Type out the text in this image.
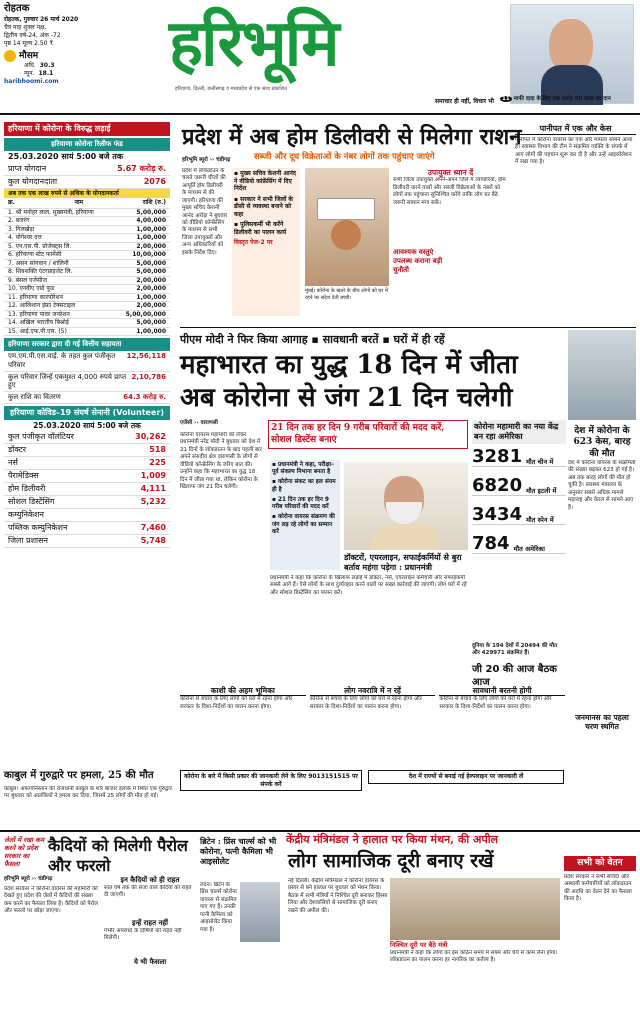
रोहतक
रोहतक, गुरुवार 26 मार्च 2020
चैत्र माह शुक्ल पक्ष,
द्वितीय वर्ष-24, अंक -72
पृष्ठ 14 मूल्य 2.50 ₹
मौसम
अधि. 30.3
न्यून. 18.1
haribhoomi.com
हरिभूमि
हरियाणा, दिल्ली, छत्तीसगढ़ व मध्यप्रदेश से एक साथ प्रकाशित
समाचार ही नहीं, विचार भी	11 माफी दादा के लिए एक करोड़ 50 लाख का दान
हरियाणा में कोरोना के विरुद्ध लड़ाई
हरियाणा कोरोना रिलीफ फंड
25.03.2020 सायं 5:00 बजे तक
प्राप्त योगदान	5.67 करोड़ रु.
कुल योगदानदाता	2076
अब तक एक लाख रुपये से अधिक के योगदानकर्ता
क्र.	नाम	राशि (रु.)
1. श्री मनोहर लाल, मुख्यमंत्री, हरियाणा	5,00,000
2. बजरंग	4,00,000
3. गिलखेड़ा	1,00,000
4. योगेश्वर दत्त	1,00,000
5. एन.एस.पी. प्रोजेक्ट्स लि.	2,00,000
6. हरियाणा स्टेट फार्मेसी	10,00,000
7. असन सांगवान / शालिनी	5,00,000
8. शिवशक्ति एंटरप्राइजेट लि.	5,00,000
9. बंसल एजेंसीज	2,00,000
10. एनवीए एग्रो फूड	2,00,000
11. हरियाणा कारपोरेशन	1,00,000
12. आलिशान इंफ्रा टेक्सटाइल	2,00,000
13. हरियाणा पावर जनरेशन	5,00,00,000
14. अखिल भारतीय बिश्नोई	5,00,000
15. आई.एफ.पी.एस. (5)	1,00,000
हरियाणा सरकार द्वारा दी गई वित्तीय सहायता
एम.एम.पी.एस.वाई. के तहत कुल पंजीकृत परिवार
12,56,118
कुल परिवार जिन्हें एकमुश्त 4,000 रुपये प्राप्त हुए
2,10,786
कुल राशि का वितरण	64.3 करोड़ रु.
हरियाणा कोविड–19 संघर्ष सेनानी (Volunteer)
25.03.2020 सायं 5:00 बजे तक
कुल पंजीकृत वॉलंटियर	30,262
डॉक्टर	518
नर्स	225
पैरामेडिक्स	1,009
होम डिलीवरी	4,111
सोशल डिस्टेंसिंग	5,232
कम्युनिकेशन
पब्लिक कम्युनिकेशन	7,460
जिला प्रशासन	5,748
प्रदेश में अब होम डिलीवरी से मिलेगा राशन
हरिभूमि ब्यूरो ›› चंडीगढ़	सब्जी और दूध विक्रेताओं के नंबर लोगों तक पहुंचाए जाएंगे
प्रदेश में लॉकडाउन के चलते जरूरी चीजों की आपूर्ति होम डिलीवरी के माध्यम से की जाएगी। हरियाणा की मुख्य सचिव केशनी आनंद अरोड़ा ने बुधवार को वीडियो कॉन्फ्रेंसिंग के माध्यम से सभी जिला उपायुक्तों और अन्य अधिकारियों को इसके निर्देश दिए।
▪ मुख्य सचिव केशनी आनंद ने वीडियो कांफ्रेंसिंग में दिए निर्देश
▪ सरकार ने सभी जिलों के डीसी से व्यवस्था बनाने को कहा
▪ पुलिसकर्मी भी करेंगे डिलीवरी का पालन कार्य
विस्तृत पेज-2 पर
मुंबई। कोरोना के खतरे के बीच लोगों को घर में रहने का संदेश देती बच्ची।
उपायुक्त ध्यान दें
सभी जिला उपायुक्त अपने-अपने जिले में व्यापारियों, होम डिलीवरी करने वालों और सब्जी विक्रेताओं के नंबरों को लोगों तक पहुंचाना सुनिश्चित करेंगे ताकि लोग घर बैठे जरूरी सामान मंगा सकें।
आवश्यक वस्तुएं उपलब्ध कराना बड़ी चुनौती
पानीपत में एक और केस
पानीपत में कोरोना वायरस का एक और मामला सामने आया है। स्वास्थ्य विभाग की टीम ने संक्रमित व्यक्ति के संपर्क में आए लोगों की पहचान शुरू कर दी है और उन्हें आइसोलेशन में रखा गया है।
पीएम मोदी ने फिर किया आगाह ▪ सावधानी बरतें ▪ घरों में ही रहें
महाभारत का युद्ध 18 दिन में जीता
अब कोरोना से जंग 21 दिन चलेगी
एजेंसी ›› वाराणसी	21 दिन तक हर दिन 9 गरीब परिवारों की मदद करें, सोशल डिस्टेंस बनाएं
कोरोना वायरस महामारी को लेकर प्रधानमंत्री नरेंद्र मोदी ने बुधवार को देश में 21 दिनों के लॉकडाउन के बाद पहली बार अपने संसदीय क्षेत्र वाराणसी के लोगों से वीडियो कॉन्फ्रेंसिंग के जरिए बात की। उन्होंने कहा कि महाभारत का युद्ध 18 दिन में जीता गया था, लेकिन कोरोना के खिलाफ जंग 21 दिन चलेगी।
▪ प्रधानमंत्री ने कहा, परीक्षा–पूर्व संकल्प निभाना बनता है
▪ कोरोना संकट का हल संयम ही है
▪ 21 दिन तक हर दिन 9 गरीब परिवारों की मदद करें
▪ कोरोना वायरस संक्रमण की जंग लड़ रहे लोगों का सम्मान करें
डॉक्टरों, एयरलाइन, सफाईकर्मियों से बुरा बर्ताव महंगा पड़ेगा : प्रधानमंत्री
प्रधानमंत्री ने कहा कि कोरोना के खिलाफ लड़ाई में डॉक्टर, नर्स, एयरलाइन कर्मचारी और सफाईकर्मी सबसे आगे हैं। ऐसे लोगों के साथ दुर्व्यवहार करने वालों पर सख्त कार्रवाई की जाएगी। लोग घरों में रहें और सोशल डिस्टेंसिंग का पालन करें।
कोरोना महामारी का नया केंद्र बन रहा अमेरिका
3281 मौत चीन में
6820 मौत इटली में
3434 मौत स्पेन में
784 मौत अमेरिका
दुनिया के 194 देशों में 20494 की मौत और 429971 संक्रमित हैं।
जी 20 की आज बैठक आज
देश में कोरोना के 623 केस, बारह की मौत
देश में कोरोना वायरस के संक्रमितों की संख्या बढ़कर 623 हो गई है। अब तक बारह लोगों की मौत हो चुकी है। स्वास्थ्य मंत्रालय के अनुसार सबसे अधिक मामले महाराष्ट्र और केरल से सामने आए हैं।
जनमानस का पहला चरण स्थगित
काशी की अहम भूमिका
कोरोना से बचाव के लिए लोगों को घरों में रहना होगा और सरकार के दिशा-निर्देशों का पालन करना होगा।
लोग नवरात्रि में न रहें
कोरोना से बचाव के लिए लोगों को घरों में रहना होगा और सरकार के दिशा-निर्देशों का पालन करना होगा।
सावधानी बरतनी होगी
कोरोना से बचाव के लिए लोगों को घरों में रहना होगा और सरकार के दिशा-निर्देशों का पालन करना होगा।
कोरोना के बारे में किसी प्रकार की जानकारी लेने के लिए 9013151515 पर संपर्क करें
देश में राज्यों से बनाई गई हेल्पलाइन पर जानकारी लें
काबुल में गुरुद्वारे पर हमला, 25 की मौत
काबुल। अफगानिस्तान की राजधानी काबुल के शोर बाजार इलाके में स्थित एक गुरुद्वारे पर बुधवार को आतंकियों ने हमला कर दिया, जिसमें 25 लोगों की मौत हो गई।
जेलों में रखा कम करने को प्रदेश सरकार का फैसला
कैदियों को मिलेगी पैरोल और फरलो
हरिभूमि ब्यूरो ›› चंडीगढ़
प्रदेश सरकार ने कोरोना वायरस की महामारी को देखते हुए प्रदेश की जेलों में कैदियों की संख्या कम करने का फैसला लिया है। कैदियों को पैरोल और फरलो पर छोड़ा जाएगा।
इन कैदियों को ही राहत
सात वर्ष तक की सजा वाले कैदियों को राहत दी जाएगी।
इन्हें राहत नहीं
गंभीर अपराधों के दोषियों को राहत नहीं मिलेगी।
ये भी फैसला
ब्रिटेन : प्रिंस चार्ल्स को भी कोरोना, पत्नी कैमिला भी आइसोलेट
लंदन। ब्रिटेन के प्रिंस चार्ल्स कोरोना वायरस से संक्रमित पाए गए हैं। उनकी पत्नी कैमिला को आइसोलेट किया गया है।
केंद्रीय मंत्रिमंडल ने हालात पर किया मंथन, की अपील
लोग सामाजिक दूरी बनाए रखें
नई दिल्ली। केंद्रीय मंत्रिमंडल ने कोरोना वायरस के प्रसार से बने हालात पर बुधवार को मंथन किया। बैठक में सभी मंत्रियों ने निश्चित दूरी बनाकर हिस्सा लिया और देशवासियों से सामाजिक दूरी बनाए रखने की अपील की।
निश्चित दूरी पर बैठे मंत्री
प्रधानमंत्री ने कहा कि लोगों को इस कठिन समय में संयम और धैर्य से काम लेना होगा। लॉकडाउन का पालन करना हर नागरिक का कर्तव्य है।
सभी को वेतन
प्रदेश सरकार ने सभी संविदा और अस्थायी कर्मचारियों को लॉकडाउन की अवधि का वेतन देने का फैसला किया है।
